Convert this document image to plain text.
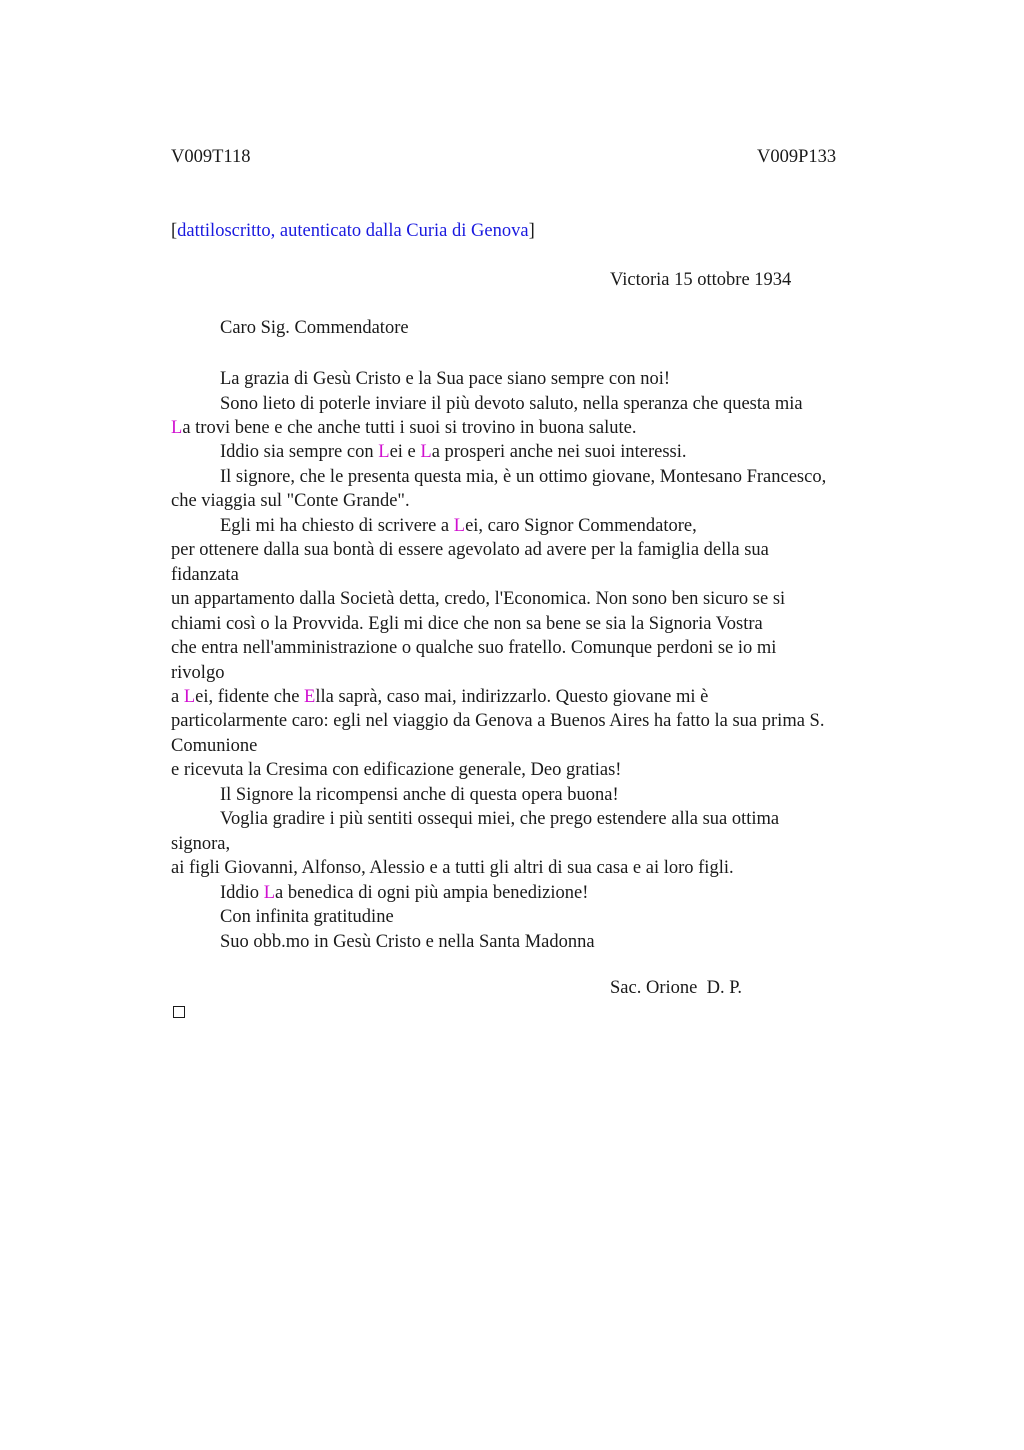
V009T118	V009P133
[dattiloscritto, autenticato dalla Curia di Genova]
Victoria 15 ottobre 1934
Caro Sig. Commendatore
La grazia di Gesù Cristo e la Sua pace siano sempre con noi!
Sono lieto di poterle inviare il più devoto saluto, nella speranza che questa mia
La trovi bene e che anche tutti i suoi si trovino in buona salute.
Iddio sia sempre con Lei e La prosperi anche nei suoi interessi.
Il signore, che le presenta questa mia, è un ottimo giovane, Montesano Francesco,
che viaggia sul "Conte Grande".
Egli mi ha chiesto di scrivere a Lei, caro Signor Commendatore,
per ottenere dalla sua bontà di essere agevolato ad avere per la famiglia della sua
fidanzata
un appartamento dalla Società detta, credo, l'Economica. Non sono ben sicuro se si
chiami così o la Provvida. Egli mi dice che non sa bene se sia la Signoria Vostra
che entra nell'amministrazione o qualche suo fratello. Comunque perdoni se io mi
rivolgo
a Lei, fidente che Ella saprà, caso mai, indirizzarlo. Questo giovane mi è
particolarmente caro: egli nel viaggio da Genova a Buenos Aires ha fatto la sua prima S.
Comunione
e ricevuta la Cresima con edificazione generale, Deo gratias!
Il Signore la ricompensi anche di questa opera buona!
Voglia gradire i più sentiti ossequi miei, che prego estendere alla sua ottima
signora,
ai figli Giovanni, Alfonso, Alessio e a tutti gli altri di sua casa e ai loro figli.
Iddio La benedica di ogni più ampia benedizione!
Con infinita gratitudine
Suo obb.mo in Gesù Cristo e nella Santa Madonna
Sac. Orione  D. P.
